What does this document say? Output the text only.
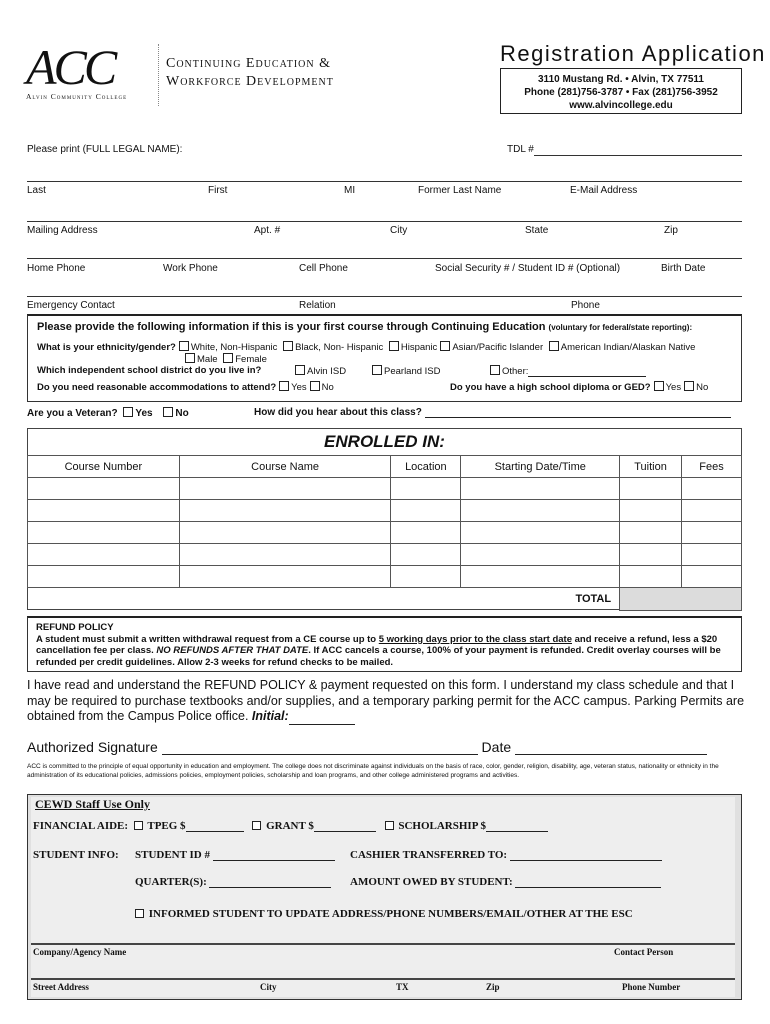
ACC
Alvin Community College
Continuing Education &
Workforce Development
Registration Application
3110 Mustang Rd. • Alvin, TX 77511
Phone (281)756-3787 • Fax (281)756-3952
www.alvincollege.edu
Please print (FULL LEGAL NAME):	TDL #
Last	First	MI	Former Last Name	E-Mail Address
Mailing Address	Apt. #	City	State	Zip
Home Phone	Work Phone	Cell Phone	Social Security # / Student ID # (Optional)	Birth Date
Emergency Contact	Relation	Phone
Please provide the following information if this is your first course through Continuing Education (voluntary for federal/state reporting):
What is your ethnicity/gender? White, Non-Hispanic Black, Non- Hispanic Hispanic Asian/Pacific Islander American Indian/Alaskan Native
Male Female
Which independent school district do you live in?	Alvin ISD	Pearland ISD	Other:
Do you need reasonable accommodations to attend? Yes No	Do you have a high school diploma or GED? Yes No
Are you a Veteran? Yes No	How did you hear about this class?
ENROLLED IN:
Course Number	Course Name	Location	Starting Date/Time	Tuition	Fees

TOTAL					
REFUND POLICY
A student must submit a written withdrawal request from a CE course up to 5 working days prior to the class start date and receive a refund, less a $20 cancellation fee per class. NO REFUNDS AFTER THAT DATE. If ACC cancels a course, 100% of your payment is refunded. Credit overlay courses will be refunded per credit guidelines. Allow 2-3 weeks for refund checks to be mailed.
I have read and understand the REFUND POLICY & payment requested on this form. I understand my class schedule and that I may be required to purchase textbooks and/or supplies, and a temporary parking permit for the ACC campus. Parking Permits are obtained from the Campus Police office. Initial:
Authorized Signature	Date
ACC is committed to the principle of equal opportunity in education and employment. The college does not discriminate against individuals on the basis of race, color, gender, religion, disability, age, veteran status, nationality or ethnicity in the administration of its educational policies, admissions policies, employment policies, scholarship and loan programs, and other college administered programs and activities.
CEWD Staff Use Only
FINANCIAL AIDE: TPEG $	GRANT $	SCHOLARSHIP $
STUDENT INFO: STUDENT ID #	CASHIER TRANSFERRED TO:
QUARTER(S):	AMOUNT OWED BY STUDENT:
INFORMED STUDENT TO UPDATE ADDRESS/PHONE NUMBERS/EMAIL/OTHER AT THE ESC
Company/Agency Name	Contact Person
Street Address	City	TX	Zip	Phone Number
